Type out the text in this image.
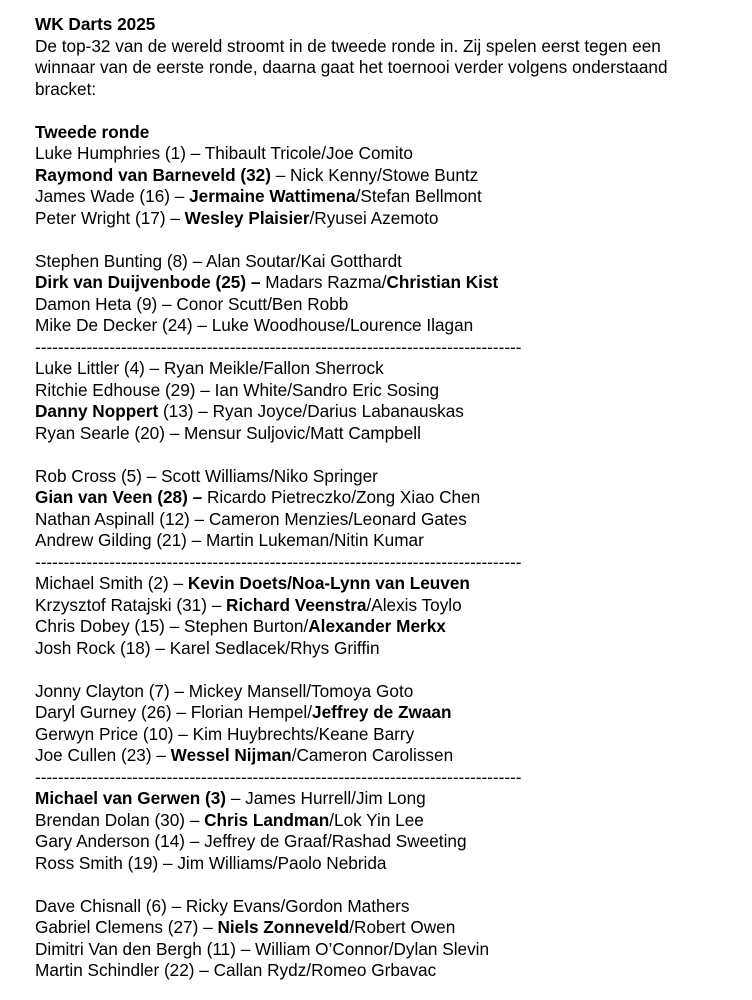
WK Darts 2025
De top-32 van de wereld stroomt in de tweede ronde in. Zij spelen eerst tegen een
winnaar van de eerste ronde, daarna gaat het toernooi verder volgens onderstaand
bracket:
Tweede ronde
Luke Humphries (1) – Thibault Tricole/Joe Comito
Raymond van Barneveld (32) – Nick Kenny/Stowe Buntz
James Wade (16) – Jermaine Wattimena/Stefan Bellmont
Peter Wright (17) – Wesley Plaisier/Ryusei Azemoto
Stephen Bunting (8) – Alan Soutar/Kai Gotthardt
Dirk van Duijvenbode (25) – Madars Razma/Christian Kist
Damon Heta (9) – Conor Scutt/Ben Robb
Mike De Decker (24) – Luke Woodhouse/Lourence Ilagan
-------------------------------------------------------------------------------------
Luke Littler (4) – Ryan Meikle/Fallon Sherrock
Ritchie Edhouse (29) – Ian White/Sandro Eric Sosing
Danny Noppert (13) – Ryan Joyce/Darius Labanauskas
Ryan Searle (20) – Mensur Suljovic/Matt Campbell
Rob Cross (5) – Scott Williams/Niko Springer
Gian van Veen (28) – Ricardo Pietreczko/Zong Xiao Chen
Nathan Aspinall (12) – Cameron Menzies/Leonard Gates
Andrew Gilding (21) – Martin Lukeman/Nitin Kumar
-------------------------------------------------------------------------------------
Michael Smith (2) – Kevin Doets/Noa-Lynn van Leuven
Krzysztof Ratajski (31) – Richard Veenstra/Alexis Toylo
Chris Dobey (15) – Stephen Burton/Alexander Merkx
Josh Rock (18) – Karel Sedlacek/Rhys Griffin
Jonny Clayton (7) – Mickey Mansell/Tomoya Goto
Daryl Gurney (26) – Florian Hempel/Jeffrey de Zwaan
Gerwyn Price (10) – Kim Huybrechts/Keane Barry
Joe Cullen (23) – Wessel Nijman/Cameron Carolissen
-------------------------------------------------------------------------------------
Michael van Gerwen (3) – James Hurrell/Jim Long
Brendan Dolan (30) – Chris Landman/Lok Yin Lee
Gary Anderson (14) – Jeffrey de Graaf/Rashad Sweeting
Ross Smith (19) – Jim Williams/Paolo Nebrida
Dave Chisnall (6) – Ricky Evans/Gordon Mathers
Gabriel Clemens (27) – Niels Zonneveld/Robert Owen
Dimitri Van den Bergh (11) – William O’Connor/Dylan Slevin
Martin Schindler (22) – Callan Rydz/Romeo Grbavac
